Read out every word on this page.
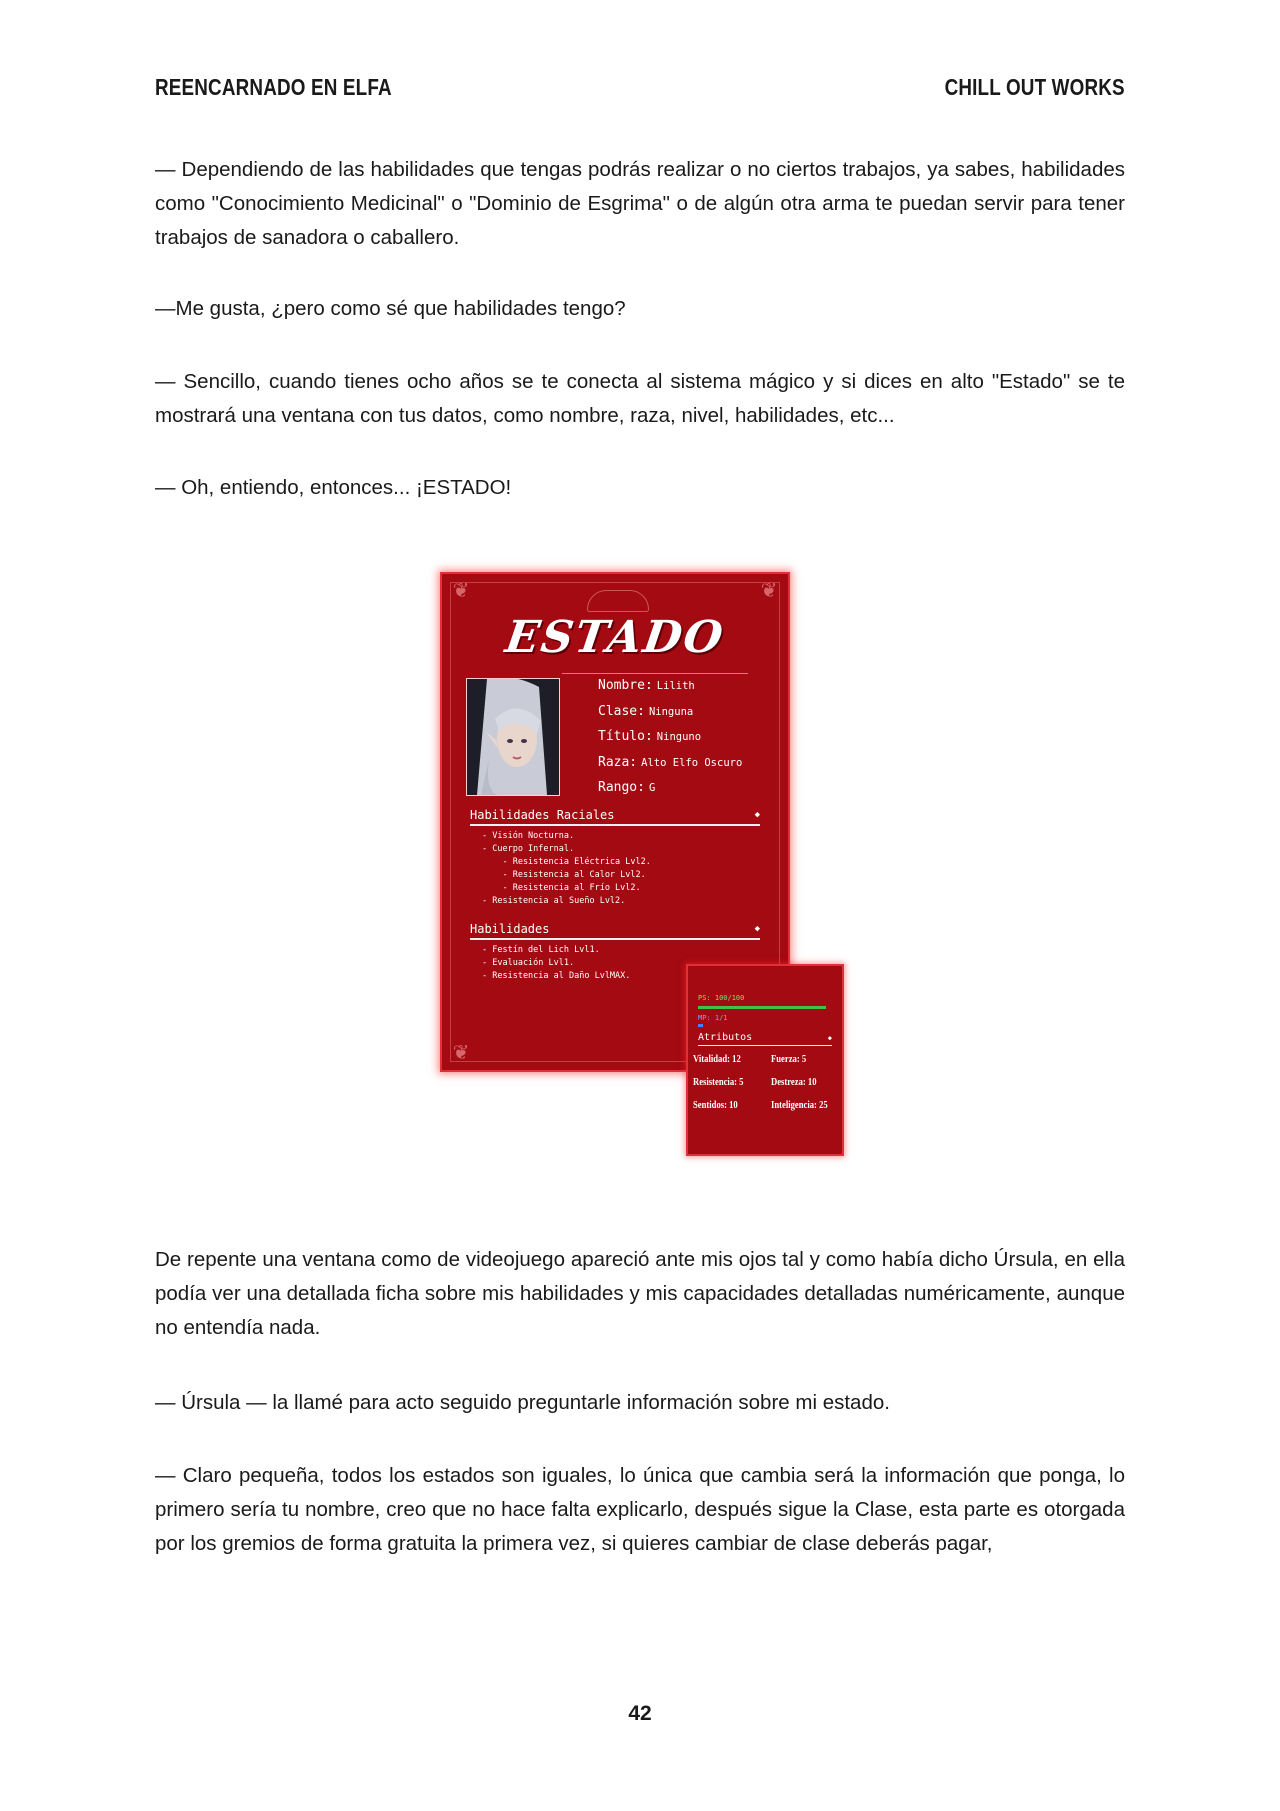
REENCARNADO EN ELFA	CHILL OUT WORKS

— Dependiendo de las habilidades que tengas podrás realizar o no ciertos trabajos, ya sabes, habilidades como "Conocimiento Medicinal" o "Dominio de Esgrima" o de algún otra arma te puedan servir para tener trabajos de sanadora o caballero.

—Me gusta, ¿pero como sé que habilidades tengo?

— Sencillo, cuando tienes ocho años se te conecta al sistema mágico y si dices en alto "Estado" se te mostrará una ventana con tus datos, como nombre, raza, nivel, habilidades, etc...

— Oh, entiendo, entonces... ¡ESTADO!

❦	❦
❦
ESTADO
Nombre: Lilith
Clase: Ninguna
Título: Ninguno
Raza: Alto Elfo Oscuro
Rango: G
Habilidades Raciales	◆
- Visión Nocturna.
- Cuerpo Infernal.
- Resistencia Eléctrica Lvl2.
- Resistencia al Calor Lvl2.
- Resistencia al Frío Lvl2.
- Resistencia al Sueño Lvl2.
Habilidades	◆
- Festín del Lich Lvl1.
- Evaluación Lvl1.
- Resistencia al Daño LvlMAX.
PS: 100/100
MP: 1/1
Atributos	◆
Vitalidad: 12	Fuerza: 5
Resistencia: 5	Destreza: 10
Sentidos: 10	Inteligencia: 25

De repente una ventana como de videojuego apareció ante mis ojos tal y como había dicho Úrsula, en ella podía ver una detallada ficha sobre mis habilidades y mis capacidades detalladas numéricamente, aunque no entendía nada.

— Úrsula — la llamé para acto seguido preguntarle información sobre mi estado.

— Claro pequeña, todos los estados son iguales, lo única que cambia será la información que ponga, lo primero sería tu nombre, creo que no hace falta explicarlo, después sigue la Clase, esta parte es otorgada por los gremios de forma gratuita la primera vez, si quieres cambiar de clase deberás pagar,

42
